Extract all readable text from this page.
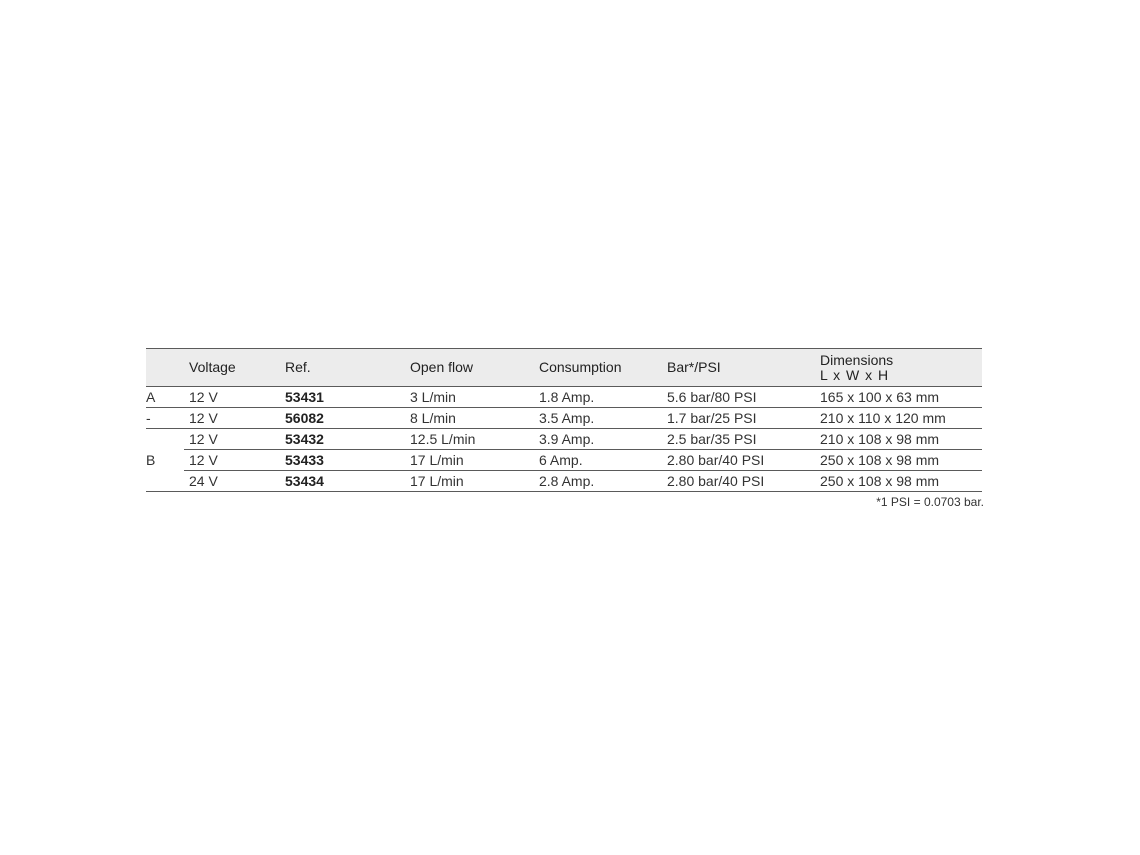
	Voltage	Ref.	Open flow	Consumption	Bar*/PSI	Dimensions
L x W x H

A	12 V	53431	3 L/min	1.8 Amp.	5.6 bar/80 PSI	165 x 100 x 63 mm
-	12 V	56082	8 L/min	3.5 Amp.	1.7 bar/25 PSI	210 x 110 x 120 mm
B	12 V	53432	12.5 L/min	3.9 Amp.	2.5 bar/35 PSI	210 x 108 x 98 mm
	12 V	53433	17 L/min	6 Amp.	2.80 bar/40 PSI	250 x 108 x 98 mm
	24 V	53434	17 L/min	2.8 Amp.	2.80 bar/40 PSI	250 x 108 x 98 mm
*1 PSI = 0.0703 bar.
